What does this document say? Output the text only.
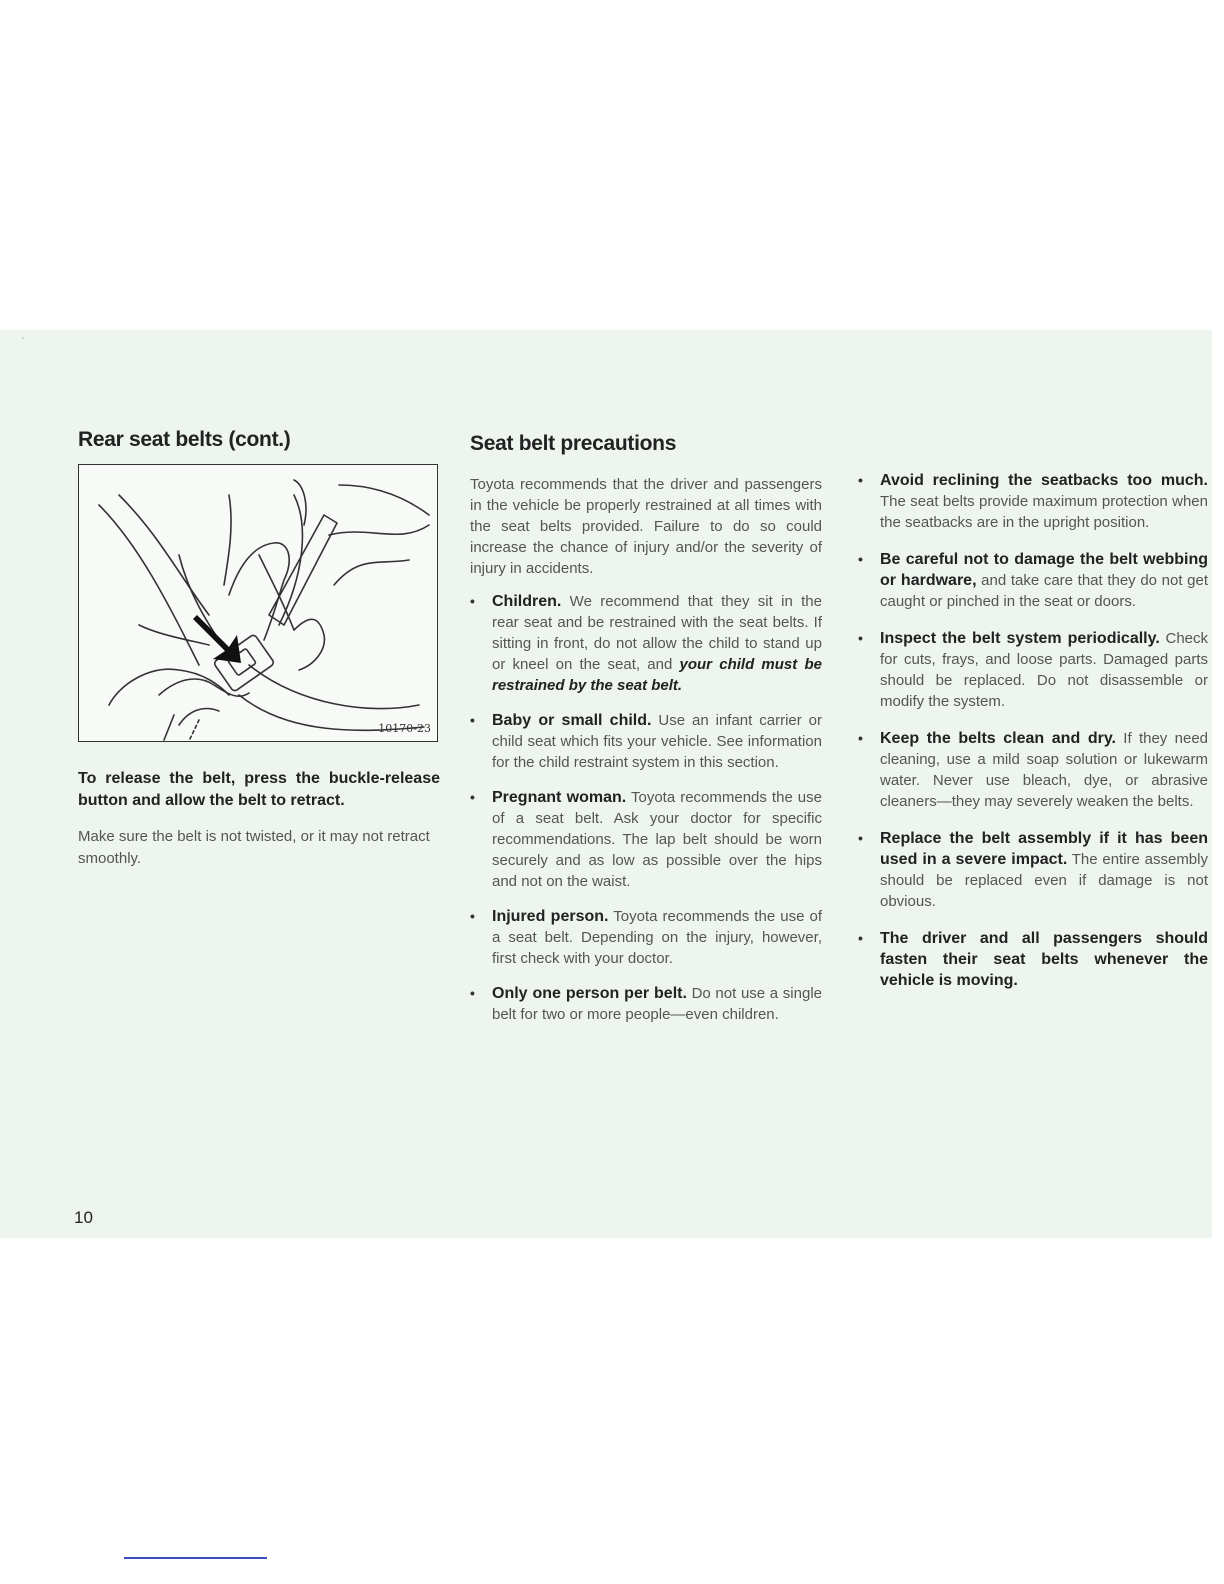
'
Rear seat belts (cont.)
10170-23

To release the belt, press the buckle-release button and allow the belt to retract.

Make sure the belt is not twisted, or it may not retract smoothly.

Seat belt precautions

Toyota recommends that the driver and passengers in the vehicle be properly restrained at all times with the seat belts provided. Failure to do so could increase the chance of injury and/or the severity of injury in accidents.

•	Children. We recommend that they sit in the rear seat and be restrained with the seat belts. If sitting in front, do not allow the child to stand up or kneel on the seat, and your child must be restrained by the seat belt.
•	Baby or small child. Use an infant carrier or child seat which fits your vehicle. See information for the child restraint system in this section.
•	Pregnant woman. Toyota recommends the use of a seat belt. Ask your doctor for specific recommendations. The lap belt should be worn securely and as low as possible over the hips and not on the waist.
•	Injured person. Toyota recommends the use of a seat belt. Depending on the injury, however, first check with your doctor.
•	Only one person per belt. Do not use a single belt for two or more people—even children.
•	Avoid reclining the seatbacks too much. The seat belts provide maximum protection when the seatbacks are in the upright position.
•	Be careful not to damage the belt webbing or hardware, and take care that they do not get caught or pinched in the seat or doors.
•	Inspect the belt system periodically. Check for cuts, frays, and loose parts. Damaged parts should be replaced. Do not disassemble or modify the system.
•	Keep the belts clean and dry. If they need cleaning, use a mild soap solution or lukewarm water. Never use bleach, dye, or abrasive cleaners—they may severely weaken the belts.
•	Replace the belt assembly if it has been used in a severe impact. The entire assembly should be replaced even if damage is not obvious.
•	The driver and all passengers should fasten their seat belts whenever the vehicle is moving.
10
